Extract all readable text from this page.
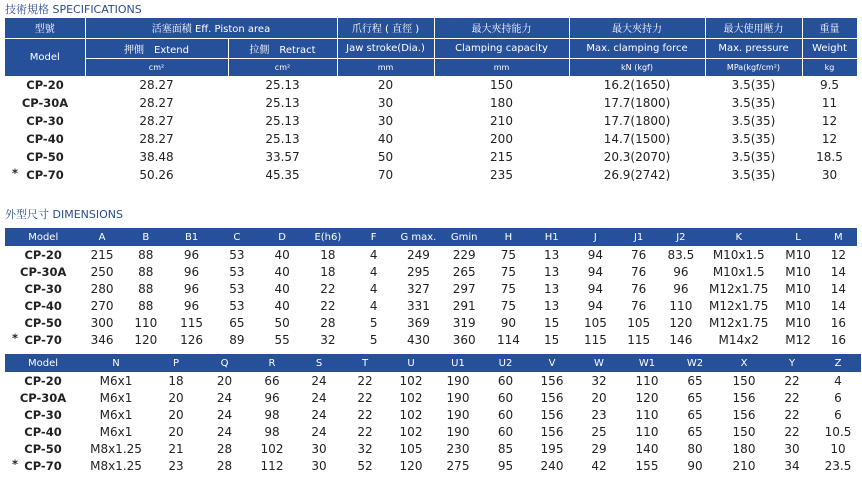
技術規格 SPECIFICATIONS
型號	活塞面積 Eff. Piston area		爪行程 ( 直徑 )	最大夾持能力	最大夾持力	最大使用壓力	重量
Model	押側　Extend	拉側　Retract	Jaw stroke(Dia.)	Clamping capacity	Max. clamping force	Max. pressure	Weight
	cm²	cm²	mm	mm	kN (kgf)	MPa(kgf/cm²)	kg
CP-20	28.27	25.13	20	150	16.2(1650)	3.5(35)	9.5
CP-30A	28.27	25.13	30	180	17.7(1800)	3.5(35)	11
CP-30	28.27	25.13	30	210	17.7(1800)	3.5(35)	12
CP-40	28.27	25.13	40	200	14.7(1500)	3.5(35)	12
CP-50	38.48	33.57	50	215	20.3(2070)	3.5(35)	18.5

* CP-70	50.26	45.35	70	235	26.9(2742)	3.5(35)	30
外型尺寸 DIMENSIONS
Model	A	B	B1	C	D	E(h6)	F	G max.	Gmin	H	H1	J	J1	J2	K	L	M
CP-20	215	88	96	53	40	18	4	249	229	75	13	94	76	83.5	M10x1.5	M10	12
CP-30A	250	88	96	53	40	18	4	295	265	75	13	94	76	96	M10x1.5	M10	14
CP-30	280	88	96	53	40	22	4	327	297	75	13	94	76	96	M12x1.75	M10	14
CP-40	270	88	96	53	40	22	4	331	291	75	13	94	76	110	M12x1.75	M10	14
CP-50	300	110	115	65	50	28	5	369	319	90	15	105	105	120	M12x1.75	M10	16

* CP-70	346	120	126	89	55	32	5	430	360	114	15	115	115	146	M14x2	M12	16
Model	N	P	Q	R	S	T	U	U1	U2	V	W	W1	W2	X	Y	Z
CP-20	M6x1	18	20	66	24	22	102	190	60	156	32	110	65	150	22	4
CP-30A	M6x1	20	24	96	24	22	102	190	60	156	20	120	65	156	22	6
CP-30	M6x1	20	24	98	24	22	102	190	60	156	23	110	65	156	22	6
CP-40	M6x1	20	24	98	24	22	102	190	60	156	25	110	65	150	22	10.5
CP-50	M8x1.25	21	28	102	30	32	105	230	85	195	29	140	80	180	30	10

* CP-70	M8x1.25	23	28	112	30	52	120	275	95	240	42	155	90	210	34	23.5
